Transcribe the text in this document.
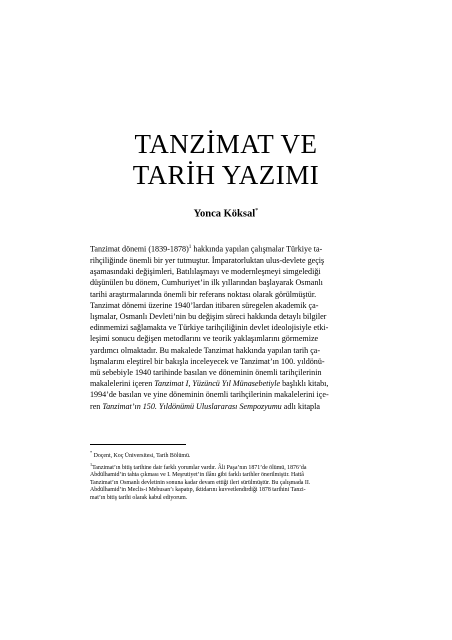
TANZİMAT VE
TARİH YAZIMI
Yonca Köksal*
Tanzimat dönemi (1839-1878)$^1$ hakkında yapılan çalışmalar Türkiye ta-
rihçiliğinde önemli bir yer tutmuştur. İmparatorluktan ulus-devlete geçiş
aşamasındaki değişimleri, Batılılaşmayı ve modernleşmeyi simgelediği
düşünülen bu dönem, Cumhuriyet’in ilk yıllarından başlayarak Osmanlı
tarihi araştırmalarında önemli bir referans noktası olarak görülmüştür.
Tanzimat dönemi üzerine 1940’lardan itibaren süregelen akademik ça-
lışmalar, Osmanlı Devleti’nin bu değişim süreci hakkında detaylı bilgiler
edinmemizi sağlamakta ve Türkiye tarihçiliğinin devlet ideolojisiyle etki-
leşimi sonucu değişen metodlarını ve teorik yaklaşımlarını görmemize
yardımcı olmaktadır. Bu makalede Tanzimat hakkında yapılan tarih ça-
lışmalarını eleştirel bir bakışla inceleyecek ve Tanzimat’ın 100. yıldönü-
mü sebebiyle 1940 tarihinde basılan ve döneminin önemli tarihçilerinin
makalelerini içeren Tanzimat I, Yüzüncü Yıl Münasebetiyle başlıklı kitabı,
1994’de basılan ve yine döneminin önemli tarihçilerinin makalelerini içe-
ren Tanzimat’ın 150. Yıldönümü Uluslararası Sempozyumu adlı kitapla
* Doçent, Koç Üniversitesi, Tarih Bölümü.
$^1$Tanzimat’ın bitiş tarihine dair farklı yorumlar vardır. Âli Paşa’nın 1871’de ölümü, 1876’da
Abdülhamid’in tahta çıkması ve I. Meşrutiyet’in ilânı gibi farklı tarihler önerilmiştir. Hattâ
Tanzimat’ın Osmanlı devletinin sonuna kadar devam ettiği ileri sürülmüştür. Bu çalışmada II.
Abdülhamid’in Meclis-i Mebusan’ı kapatıp, iktidarını kuvvetlendirdiği 1878 tarihini Tanzi-
mat’ın bitiş tarihi olarak kabul ediyorum.
